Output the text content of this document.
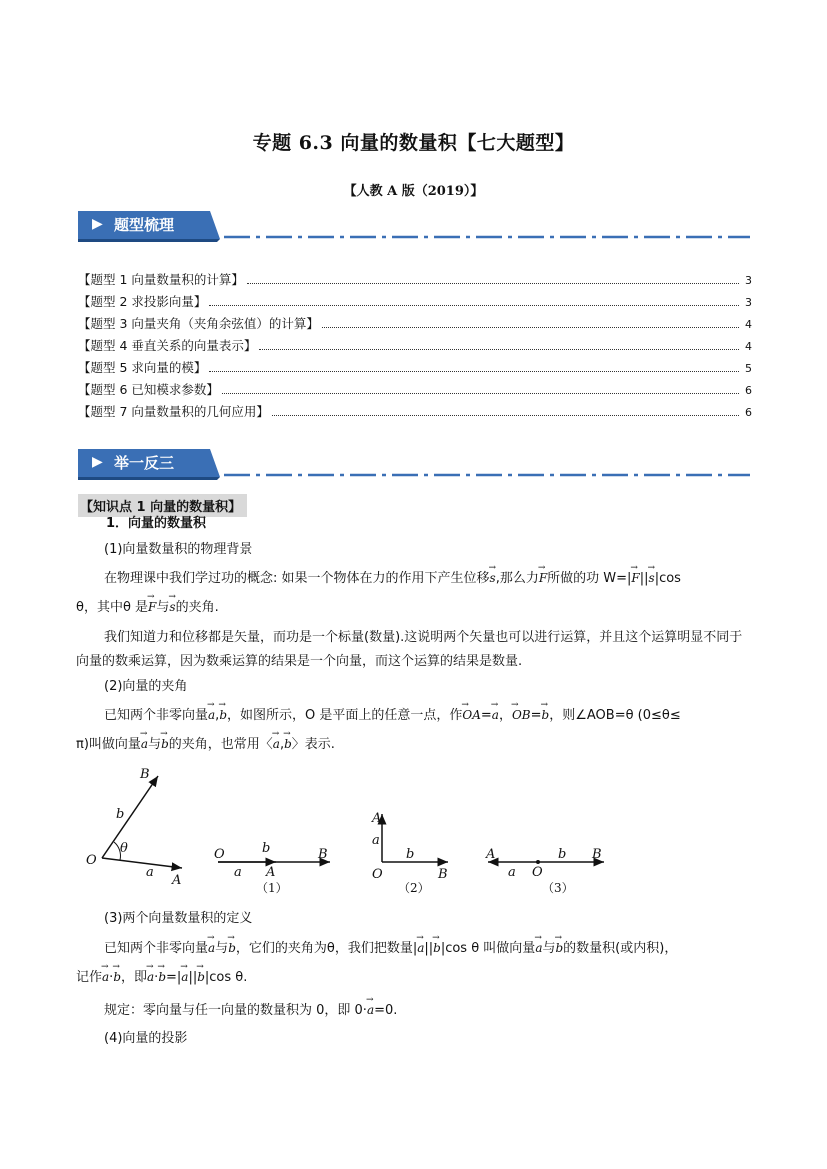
专题 6.3 向量的数量积【七大题型】
【人教 A 版（2019）】
▶ 题型梳理
【题型 1 向量数量积的计算】	3
【题型 2 求投影向量】	3
【题型 3 向量夹角（夹角余弦值）的计算】	4
【题型 4 垂直关系的向量表示】	4
【题型 5 求向量的模】	5
【题型 6 已知模求参数】	6
【题型 7 向量数量积的几何应用】	6
▶ 举一反三
【知识点 1 向量的数量积】
1．向量的数量积
(1)向量数量积的物理背景
在物理课中我们学过功的概念: 如果一个物体在力的作用下产生位移→ s,那么力→ F所做的功 W=|→ F||→ s|cos
θ，其中θ 是→ F与→ s的夹角.
我们知道力和位移都是矢量，而功是一个标量(数量).这说明两个矢量也可以进行运算，并且这个运算明显不同于向量的数乘运算，因为数乘运算的结果是一个向量，而这个运算的结果是数量.
(2)向量的夹角
已知两个非零向量→ a,→ b，如图所示，O 是平面上的任意一点，作→ OA=→ a，→ OB=→ b，则∠AOB=θ (0≤θ≤
π)叫做向量→ a与→ b的夹角，也常用〈→ a,→ b〉表示.
B
b
O
θ
a
A
O	b	B
a A
（1）
A
a
b
O	B
（2）
A	b B
a O
（3）
(3)两个向量数量积的定义
已知两个非零向量→ a与→ b，它们的夹角为θ，我们把数量|→ a||→ b|cos θ 叫做向量→ a与→ b的数量积(或内积)，
记作→ a·→ b，即→ a·→ b=|→ a||→ b|cos θ.
规定：零向量与任一向量的数量积为 0，即 0·→ a=0.
(4)向量的投影
